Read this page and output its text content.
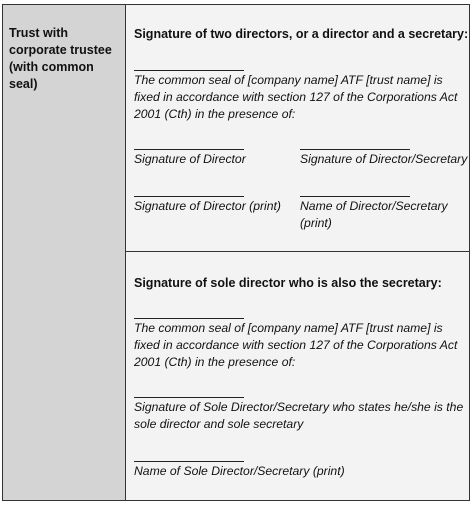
Trust with corporate trustee (with common seal)
Signature of two directors, or a director and a secretary:
The common seal of [company name] ATF [trust name] is fixed in accordance with section 127 of the Corporations Act 2001 (Cth) in the presence of:
Signature of Director	Signature of Director/Secretary
Signature of Director (print)	Name of Director/Secretary (print)
Signature of sole director who is also the secretary:
The common seal of [company name] ATF [trust name] is fixed in accordance with section 127 of the Corporations Act 2001 (Cth) in the presence of:
Signature of Sole Director/Secretary who states he/she is the sole director and sole secretary
Name of Sole Director/Secretary (print)
